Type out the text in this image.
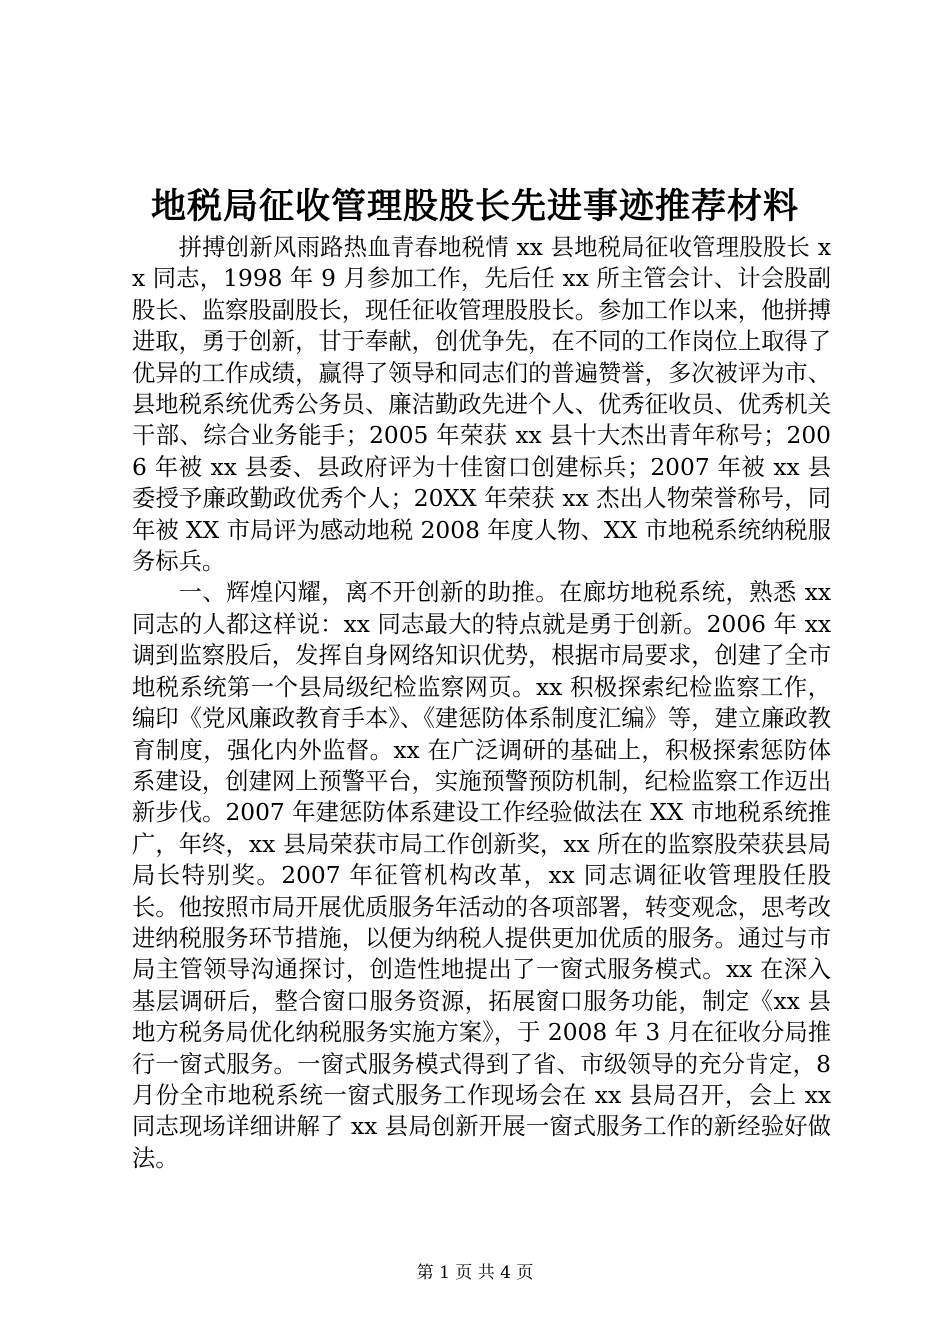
地税局征收管理股股长先进事迹推荐材料

拼搏创新风雨路热血青春地税情 xx 县地税局征收管理股股长 xx 同志，1998 年 9 月参加工作，先后任 xx 所主管会计、计会股副股长、监察股副股长，现任征收管理股股长。参加工作以来，他拼搏进取，勇于创新，甘于奉献，创优争先，在不同的工作岗位上取得了优异的工作成绩，赢得了领导和同志们的普遍赞誉，多次被评为市、县地税系统优秀公务员、廉洁勤政先进个人、优秀征收员、优秀机关干部、综合业务能手；2005 年荣获 xx 县十大杰出青年称号；2006 年被 xx 县委、县政府评为十佳窗口创建标兵；2007 年被 xx 县委授予廉政勤政优秀个人；20XX 年荣获 xx 杰出人物荣誉称号，同年被 XX 市局评为感动地税 2008 年度人物、XX 市地税系统纳税服务标兵。

一、辉煌闪耀，离不开创新的助推。在廊坊地税系统，熟悉 xx 同志的人都这样说：xx 同志最大的特点就是勇于创新。2006 年 xx 调到监察股后，发挥自身网络知识优势，根据市局要求，创建了全市地税系统第一个县局级纪检监察网页。xx 积极探索纪检监察工作，编印《党风廉政教育手本》、《建惩防体系制度汇编》等，建立廉政教育制度，强化内外监督。xx 在广泛调研的基础上，积极探索惩防体系建设，创建网上预警平台，实施预警预防机制，纪检监察工作迈出新步伐。2007 年建惩防体系建设工作经验做法在 XX 市地税系统推广，年终，xx 县局荣获市局工作创新奖，xx 所在的监察股荣获县局局长特别奖。2007 年征管机构改革，xx 同志调征收管理股任股长。他按照市局开展优质服务年活动的各项部署，转变观念，思考改进纳税服务环节措施，以便为纳税人提供更加优质的服务。通过与市局主管领导沟通探讨，创造性地提出了一窗式服务模式。xx 在深入基层调研后，整合窗口服务资源，拓展窗口服务功能，制定《xx 县地方税务局优化纳税服务实施方案》，于 2008 年 3 月在征收分局推行一窗式服务。一窗式服务模式得到了省、市级领导的充分肯定，8 月份全市地税系统一窗式服务工作现场会在 xx 县局召开，会上 xx 同志现场详细讲解了 xx 县局创新开展一窗式服务工作的新经验好做法。

第 1 页 共 4 页
